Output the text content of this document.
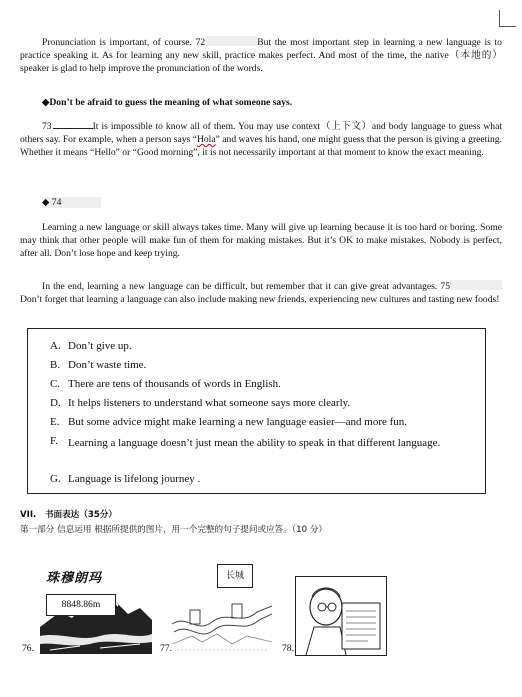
Pronunciation is important, of course. 72	But the most important step in learning a new language is to practice speaking it. As for learning any new skill, practice makes perfect. And most of the time, the native（本地的）speaker is glad to help improve the pronunciation of the words.

◆Don’t be afraid to guess the meaning of what someone says.

73	It is impossible to know all of them. You may use context（上下文）and body language to guess what others say. For example, when a person says “Hola” and waves his hand, one might guess that the person is giving a greeting. Whether it means “Hello” or “Good morning”, it is not necessarily important at that moment to know the exact meaning.

◆ 74

Learning a new language or skill always takes time. Many will give up learning because it is too hard or boring. Some may think that other people will make fun of them for making mistakes. But it’s OK to make mistakes. Nobody is perfect, after all. Don’t lose hope and keep trying.

In the end, learning a new language can be difficult, but remember that it can give great advantages. 75Don’t forget that learning a language can also include making new friends, experiencing new cultures and tasting new foods!

A. Don’t give up.
B. Don’t waste time.
C. There are tens of thousands of words in English.
D. It helps listeners to understand what someone says more clearly.
E. But some advice might make learning a new language easier—and more fun.
F. Learning a language doesn’t just mean the ability to speak in that different language.
G. Language is lifelong journey .
VII.　书面表达（35分）
第一部分 信息运用 根据所提供的图片，用一个完整的句子提问或应答。（10 分）
珠穆朗玛
8848.86m
76.
长城
77.	78.
